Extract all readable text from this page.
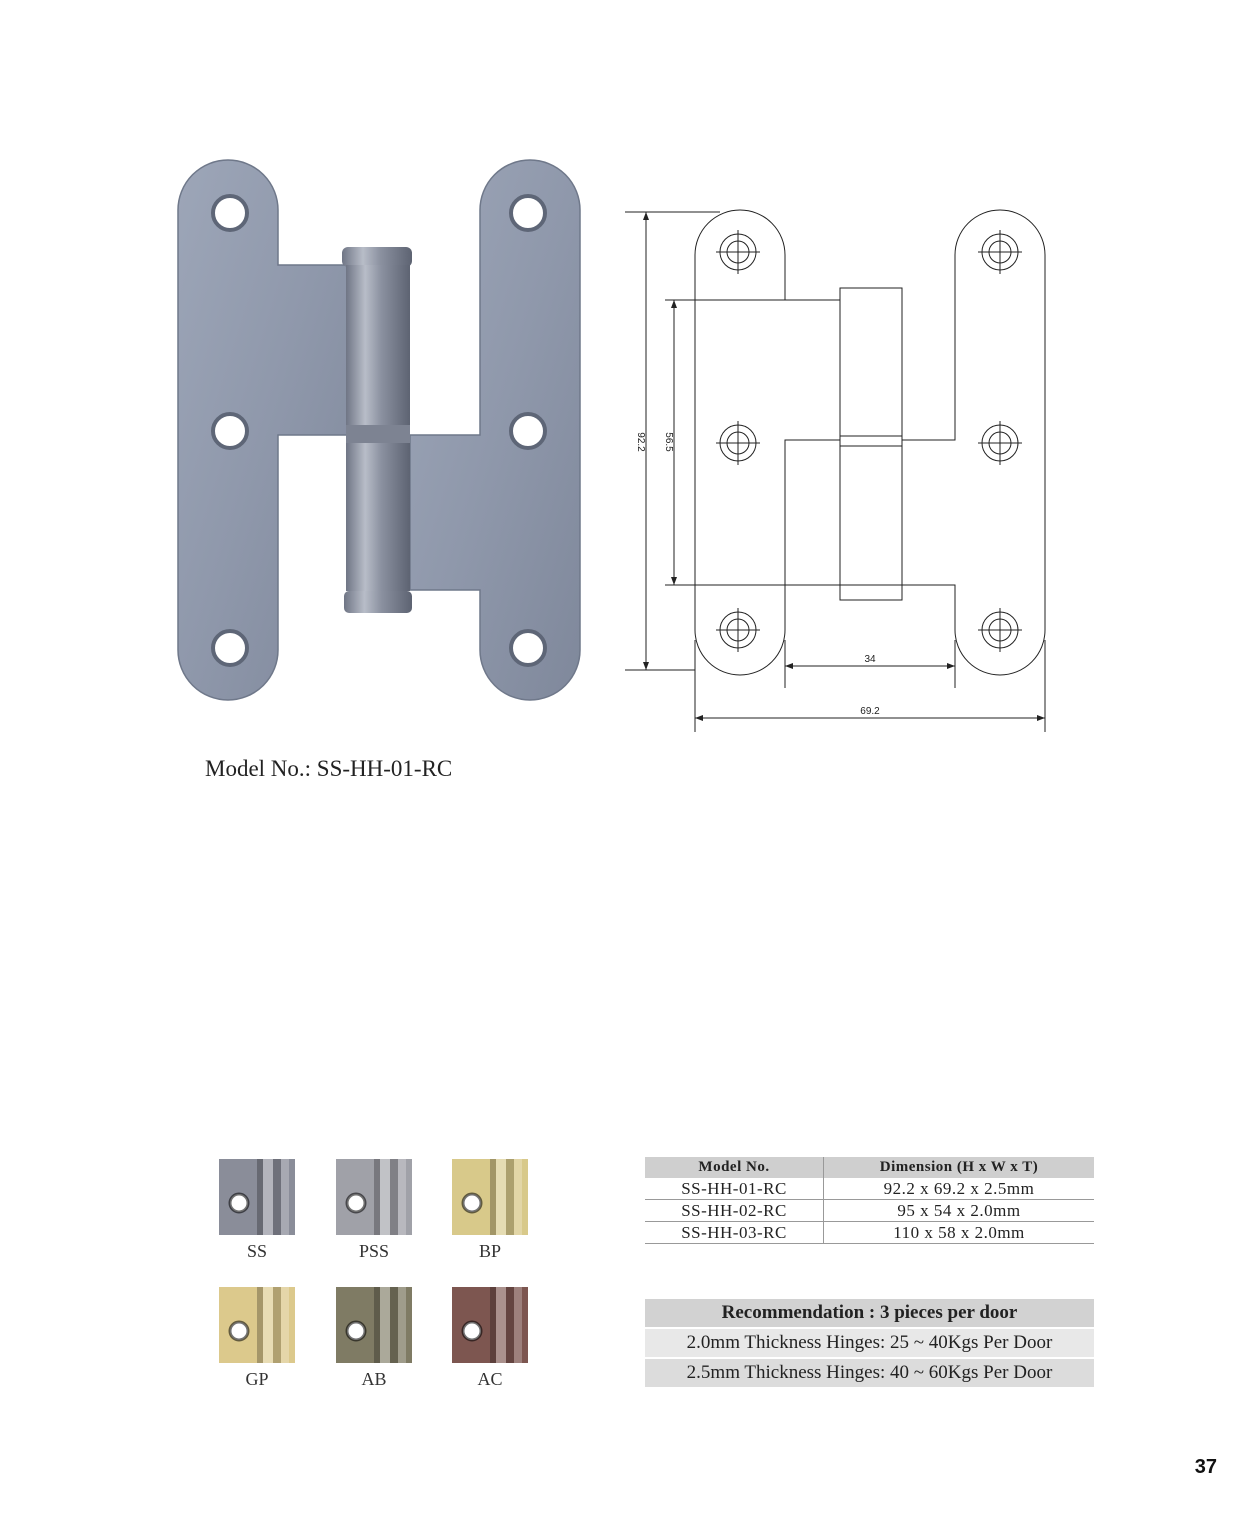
92.2 56.5
34
69.2
Model No.: SS-HH-01-RC
SS	PSS	BP
GP	AB	AC
Model No.	Dimension (H x W x T)
SS-HH-01-RC	92.2 x 69.2 x 2.5mm
SS-HH-02-RC	95 x 54 x 2.0mm
SS-HH-03-RC	110 x 58 x 2.0mm
Recommendation : 3 pieces per door
2.0mm Thickness Hinges: 25 ~ 40Kgs Per Door
2.5mm Thickness Hinges: 40 ~ 60Kgs Per Door
37
